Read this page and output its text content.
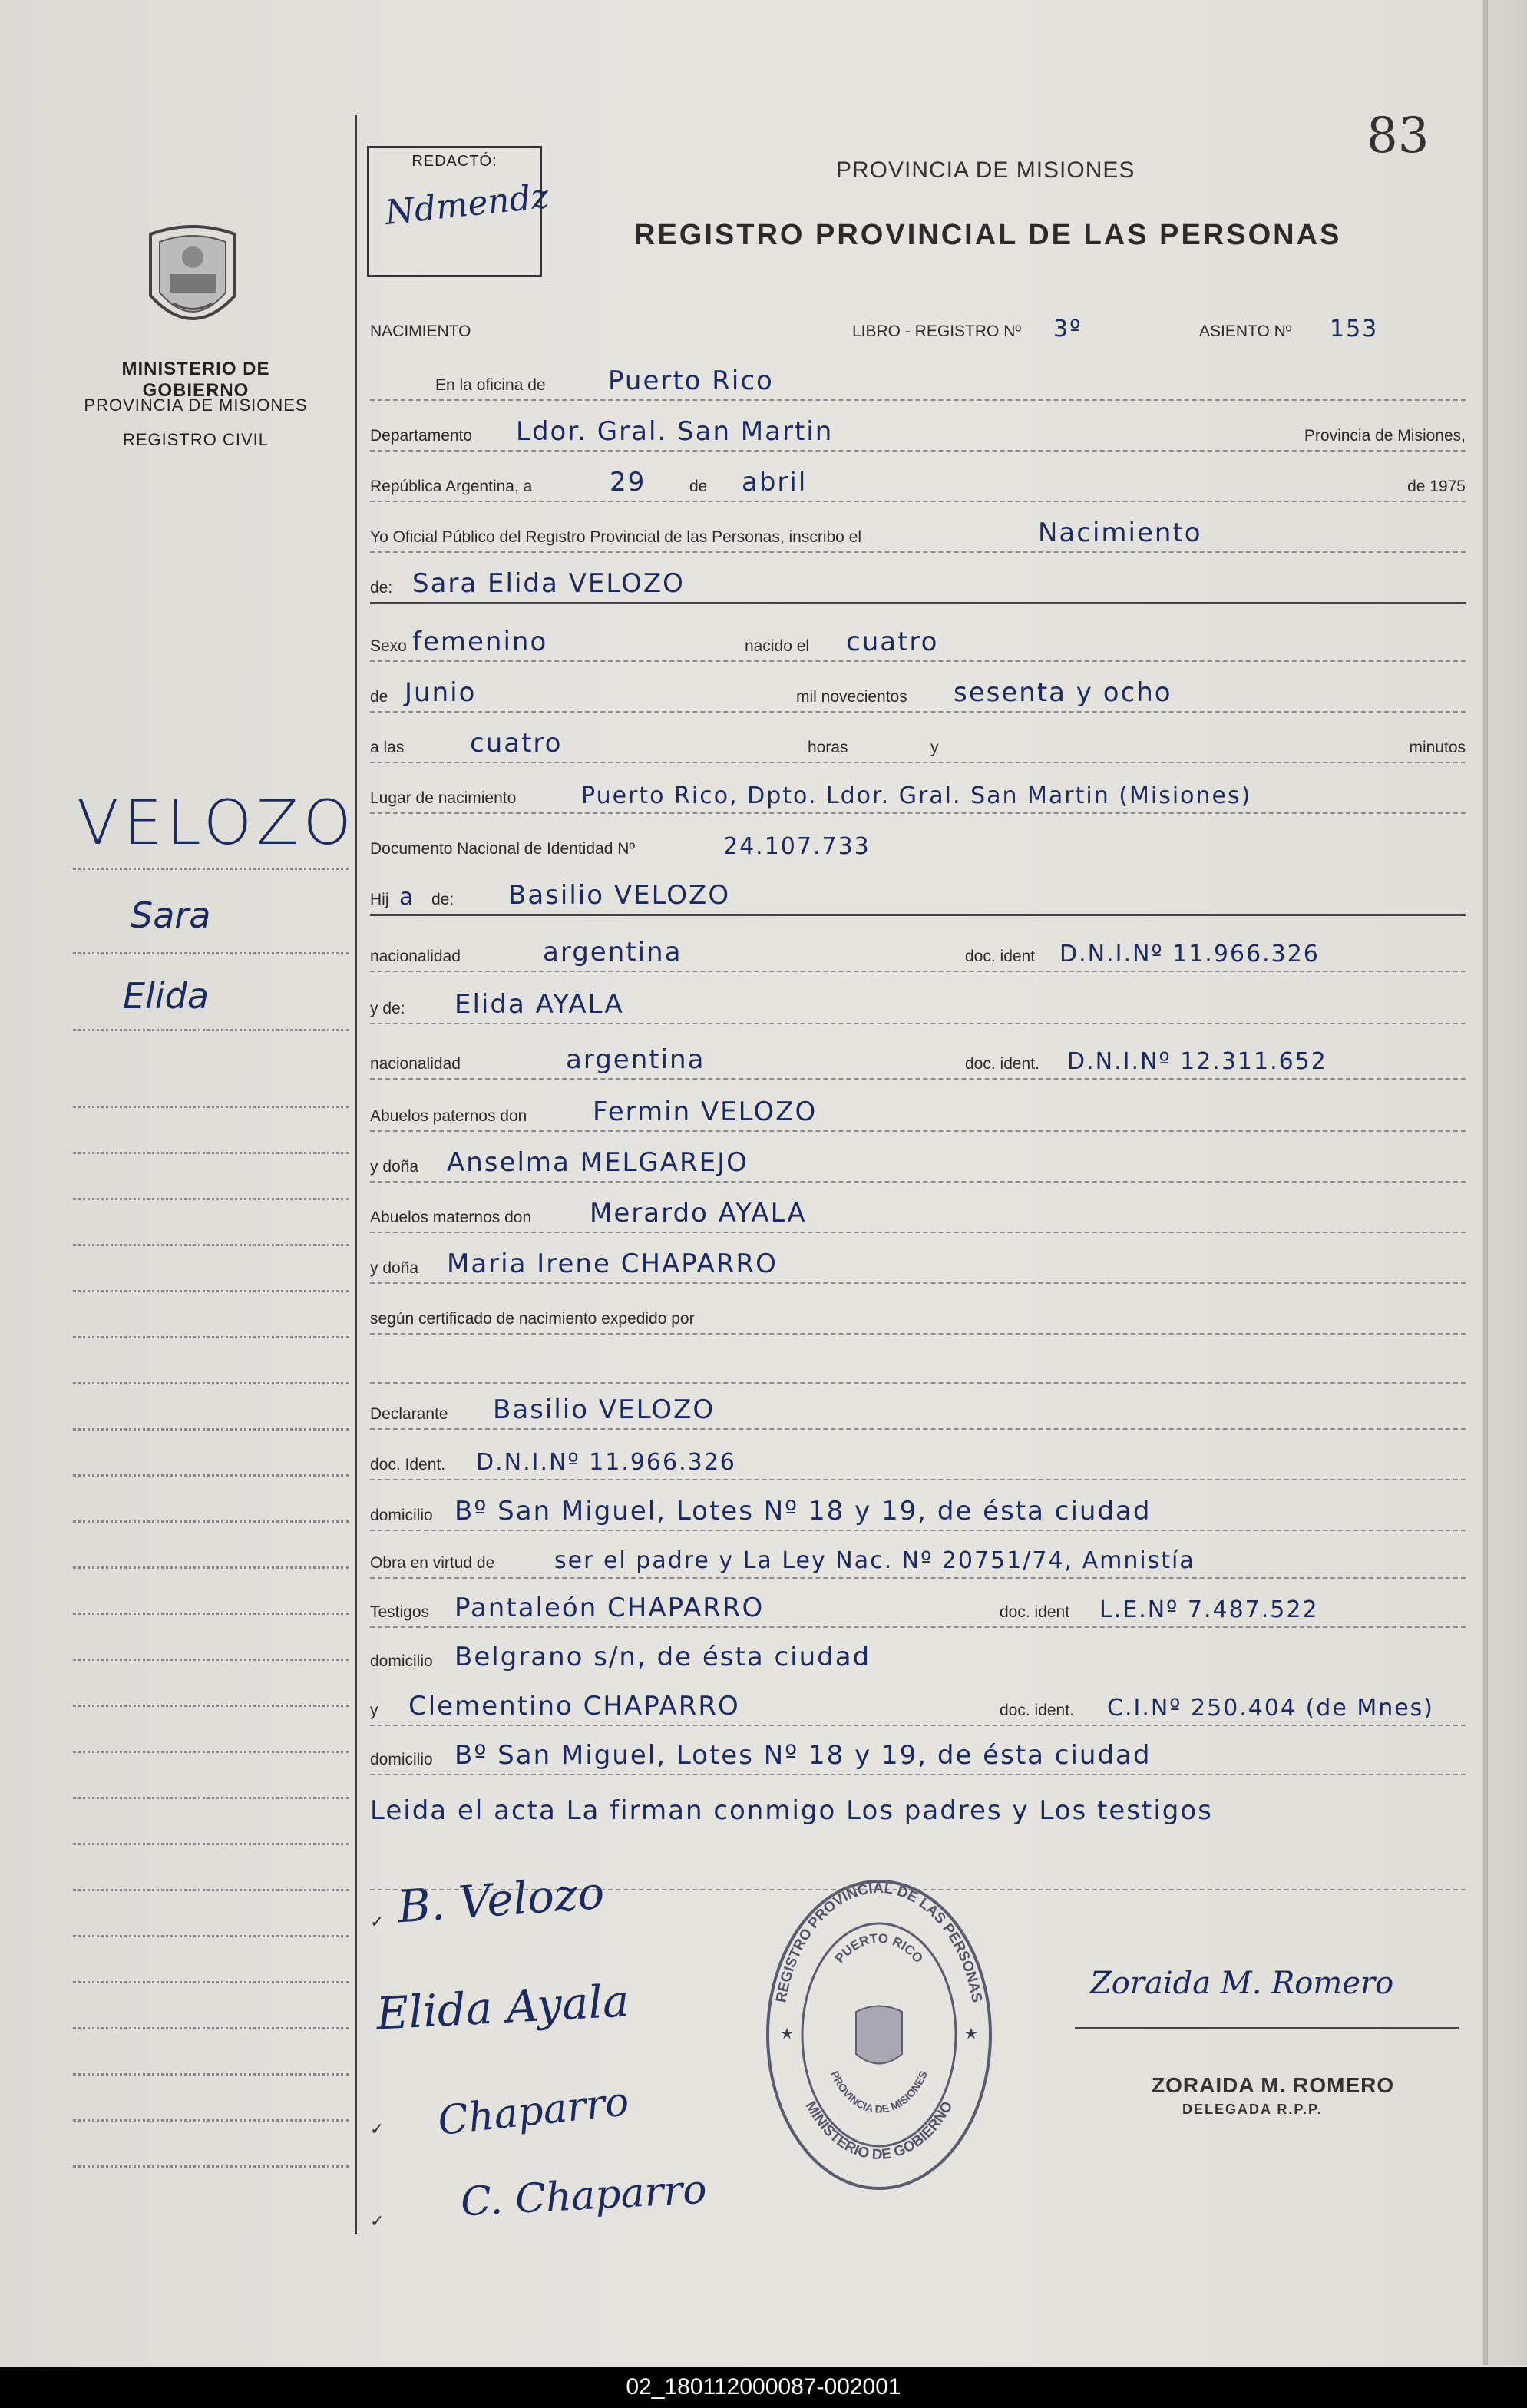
83
REDACTÓ:
Ndmendz
PROVINCIA DE MISIONES
REGISTRO PROVINCIAL DE LAS PERSONAS
MINISTERIO DE GOBIERNO
PROVINCIA DE MISIONES
REGISTRO CIVIL
VELOZO
Sara
Elida
NACIMIENTO	LIBRO - REGISTRO Nº 3º	ASIENTO Nº 153
En la oficina de Puerto Rico
Departamento Ldor. Gral. San Martin	Provincia de Misiones,
República Argentina, a	29	de abril	de 1975
Yo Oficial Público del Registro Provincial de las Personas, inscribo el	Nacimiento
de: Sara Elida VELOZO
Sexo femenino	nacido el cuatro
de Junio	mil novecientos sesenta y ocho
a las	cuatro	horas	y	minutos
Lugar de nacimiento	Puerto Rico, Dpto. Ldor. Gral. San Martin (Misiones)
Documento Nacional de Identidad Nº	24.107.733
Hij a de: Basilio VELOZO
nacionalidad	argentina	doc. ident D.N.I.Nº 11.966.326
y de: Elida AYALA
nacionalidad	argentina	doc. ident. D.N.I.Nº 12.311.652
Abuelos paternos don	Fermin VELOZO
y doña Anselma MELGAREJO
Abuelos maternos don Merardo AYALA
y doña Maria Irene CHAPARRO
según certificado de nacimiento expedido por
Declarante Basilio VELOZO
doc. Ident. D.N.I.Nº 11.966.326
domicilio Bº San Miguel, Lotes Nº 18 y 19, de ésta ciudad
Obra en virtud de	ser el padre y La Ley Nac. Nº 20751/74, Amnistía
Testigos Pantaleón CHAPARRO	doc. ident L.E.Nº 7.487.522
domicilio Belgrano s/n, de ésta ciudad
y Clementino CHAPARRO	doc. ident. C.I.Nº 250.404 (de Mnes)
domicilio Bº San Miguel, Lotes Nº 18 y 19, de ésta ciudad
Leida el acta La firman conmigo Los padres y Los testigos
✓ B. Velozo
Elida Ayala
✓ Chaparro
✓ C. Chaparro
REGISTRO PROVINCIAL DE LAS PERSONAS
MINISTERIO DE GOBIERNO
PUERTO RICO
PROVINCIA DE MISIONES
★	★
Zoraida M. Romero
ZORAIDA M. ROMERO
DELEGADA R.P.P.
02_180112000087-002001
